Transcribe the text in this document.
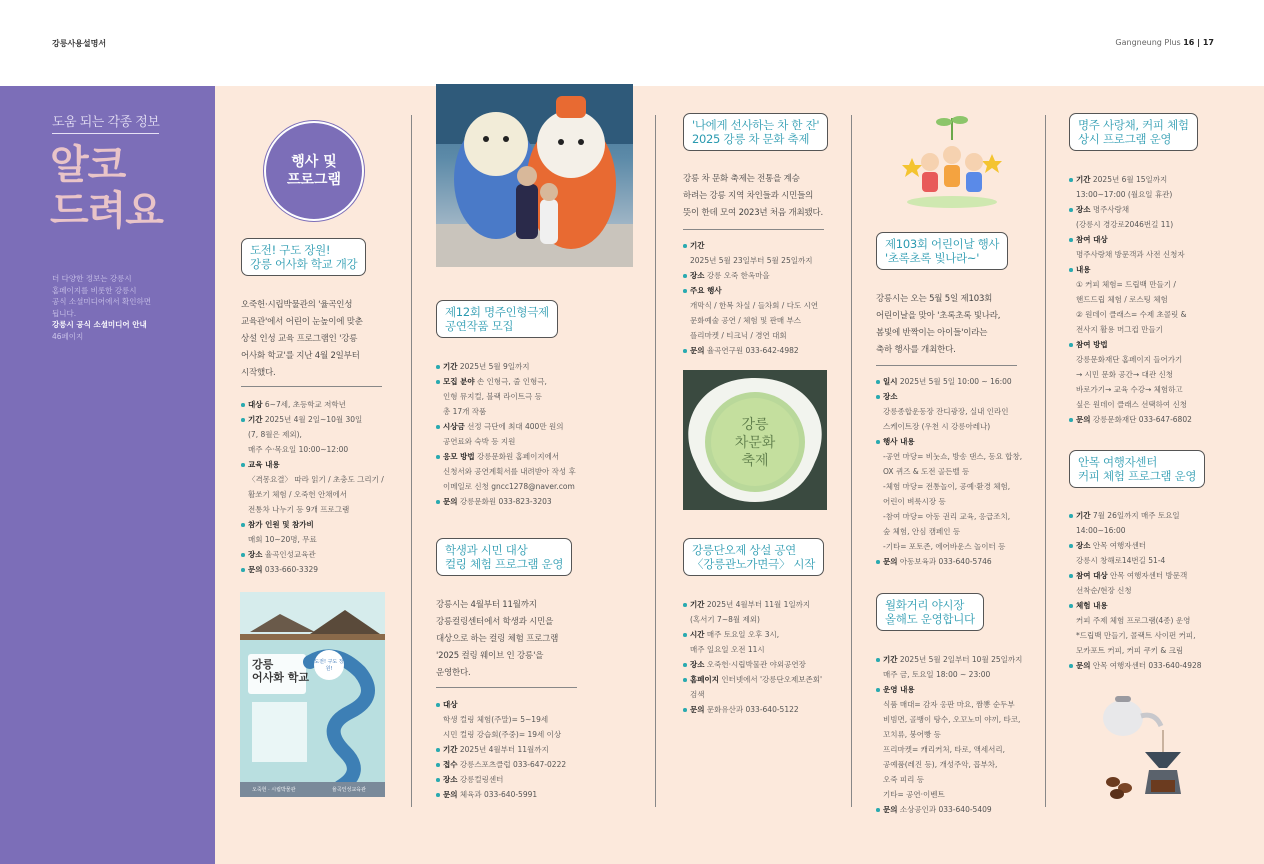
강릉사용설명서	Gangneung Plus 16 | 17
도움 되는 각종 정보
알코
드려요
더 다양한 정보는 강릉시
홈페이지를 비롯한 강릉시
공식 소셜미디어에서 확인하면
됩니다.
강릉시 공식 소셜미디어 안내
46페이지
행사 및
프로그램
도전! 구도 장원!
강릉 어사화 학교 개강
오죽헌·시립박물관의 '율곡인성
교육관'에서 어린이 눈높이에 맞춘
상설 인성 교육 프로그램인 '강릉
어사화 학교'를 지난 4월 2일부터
시작했다.
대상 6~7세, 초등학교 저학년
기간 2025년 4월 2일~10월 30일
(7, 8월은 제외),
매주 수·목요일 10:00~12:00
교육 내용
〈격몽요결〉 따라 읽기 / 초충도 그리기 /
활쏘기 체험 / 오죽헌 안채에서
전통차 나누기 등 9개 프로그램
참가 인원 및 참가비
매회 10~20명, 무료
장소 율곡인성교육관
문의 033-660-3329
강릉
어사화 학교
도전! 구도 장원!
오죽헌 · 시립박물관	율곡인성교육관
제12회 명주인형극제
공연작품 모집
기간 2025년 5월 9일까지
모집 분야 손 인형극, 줄 인형극,
인형 뮤지컬, 블랙 라이트극 등
총 17개 작품
시상금 선정 극단에 최대 400만 원의
공연료와 숙박 등 지원
응모 방법 강릉문화원 홈페이지에서
신청서와 공연계획서를 내려받아 작성 후
이메일로 신청 gncc1278@naver.com
문의 강릉문화원 033-823-3203
학생과 시민 대상
컬링 체험 프로그램 운영
강릉시는 4월부터 11월까지
강릉컬링센터에서 학생과 시민을
대상으로 하는 컬링 체험 프로그램
'2025 컬링 웨이브 인 강릉'을
운영한다.
대상
학생 컬링 체험(주말)= 5~19세
시민 컬링 강습회(주중)= 19세 이상
기간 2025년 4월부터 11월까지
접수 강릉스포츠클럽 033-647-0222
장소 강릉컬링센터
문의 체육과 033-640-5991
'나에게 선사하는 차 한 잔'
2025 강릉 차 문화 축제
강릉 차 문화 축제는 전통을 계승
하려는 강릉 지역 차인들과 시민들의
뜻이 한데 모여 2023년 처음 개최됐다.
기간
2025년 5월 23일부터 5월 25일까지
장소 강릉 오죽 한옥마을
주요 행사
개막식 / 한복 차실 / 들차회 / 다도 시연
문화예술 공연 / 체험 및 판매 부스
플리마켓 / 티크닉 / 경연 대회
문의 율곡연구원 033-642-4982
강릉
차문화
축제
강릉단오제 상설 공연
〈강릉관노가면극〉 시작
기간 2025년 4월부터 11월 1일까지
(혹서기 7~8월 제외)
시간 매주 토요일 오후 3시,
매주 일요일 오전 11시
장소 오죽헌·시립박물관 야외공연장
홈페이지 인터넷에서 '강릉단오제보존회'
검색
문의 문화유산과 033-640-5122
제103회 어린이날 행사
'초록초록 빛나라~'
강릉시는 오는 5월 5일 제103회
어린이날을 맞아 '초록초록 빛나라,
봄빛에 반짝이는 아이들'이라는
축하 행사를 개최한다.
일시 2025년 5월 5일 10:00 ~ 16:00
장소
강릉종합운동장 잔디광장, 실내 인라인
스케이트장 (우천 시 강릉아레나)
행사 내용
-공연 마당= 비눗쇼, 방송 댄스, 동요 합창,
OX 퀴즈 & 도전 골든벨 등
-체험 마당= 전통놀이, 공예·환경 체험,
어린이 벼룩시장 등
-참여 마당= 아동 권리 교육, 응급조치,
숲 체험, 안심 캠페인 등
-기타= 포토존, 에어바운스 놀이터 등
문의 아동보육과 033-640-5746
월화거리 야시장
올해도 운영합니다
기간 2025년 5월 2일부터 10월 25일까지
매주 금, 토요일 18:00 ~ 23:00
운영 내용
식품 매대= 감자 옹판 마요, 짬뽕 순두부
비빔면, 골뱅이 탕수, 오꼬노미 야끼, 타코,
꼬치류, 붕어빵 등
프리마켓= 캐리커처, 타로, 액세서리,
공예품(레진 등), 개성주악, 꼽부차,
오죽 피리 등
기타= 공연·이벤트
문의 소상공인과 033-640-5409
명주 사랑채, 커피 체험
상시 프로그램 운영
기간 2025년 6월 15일까지
13:00~17:00 (월요일 휴관)
장소 명주사랑채
(강릉시 경강로2046번길 11)
참여 대상
명주사랑채 방문객과 사전 신청자
내용
① 커피 체험= 드립백 만들기 /
핸드드립 체험 / 로스팅 체험
② 원데이 클래스= 수제 초콜릿 &
전사지 활용 머그컵 만들기
참여 방법
강릉문화재단 홈페이지 들어가기
→ 시민 문화 공간→ 대관 신청
바로가기→ 교육 수강→ 체험하고
싶은 원데이 클래스 선택하여 신청
문의 강릉문화재단 033-647-6802
안목 여행자센터
커피 체험 프로그램 운영
기간 7월 26일까지 매주 토요일
14:00~16:00
장소 안목 여행자센터
강릉시 창해로14번길 51-4
참여 대상 안목 여행자센터 방문객
선착순/현장 신청
체험 내용
커피 주제 체험 프로그램(4종) 운영
*드립백 만들기, 콜랙트 사이펀 커피,
모카포트 커피, 커피 쿠키 & 크림
문의 안목 여행자센터 033-640-4928
